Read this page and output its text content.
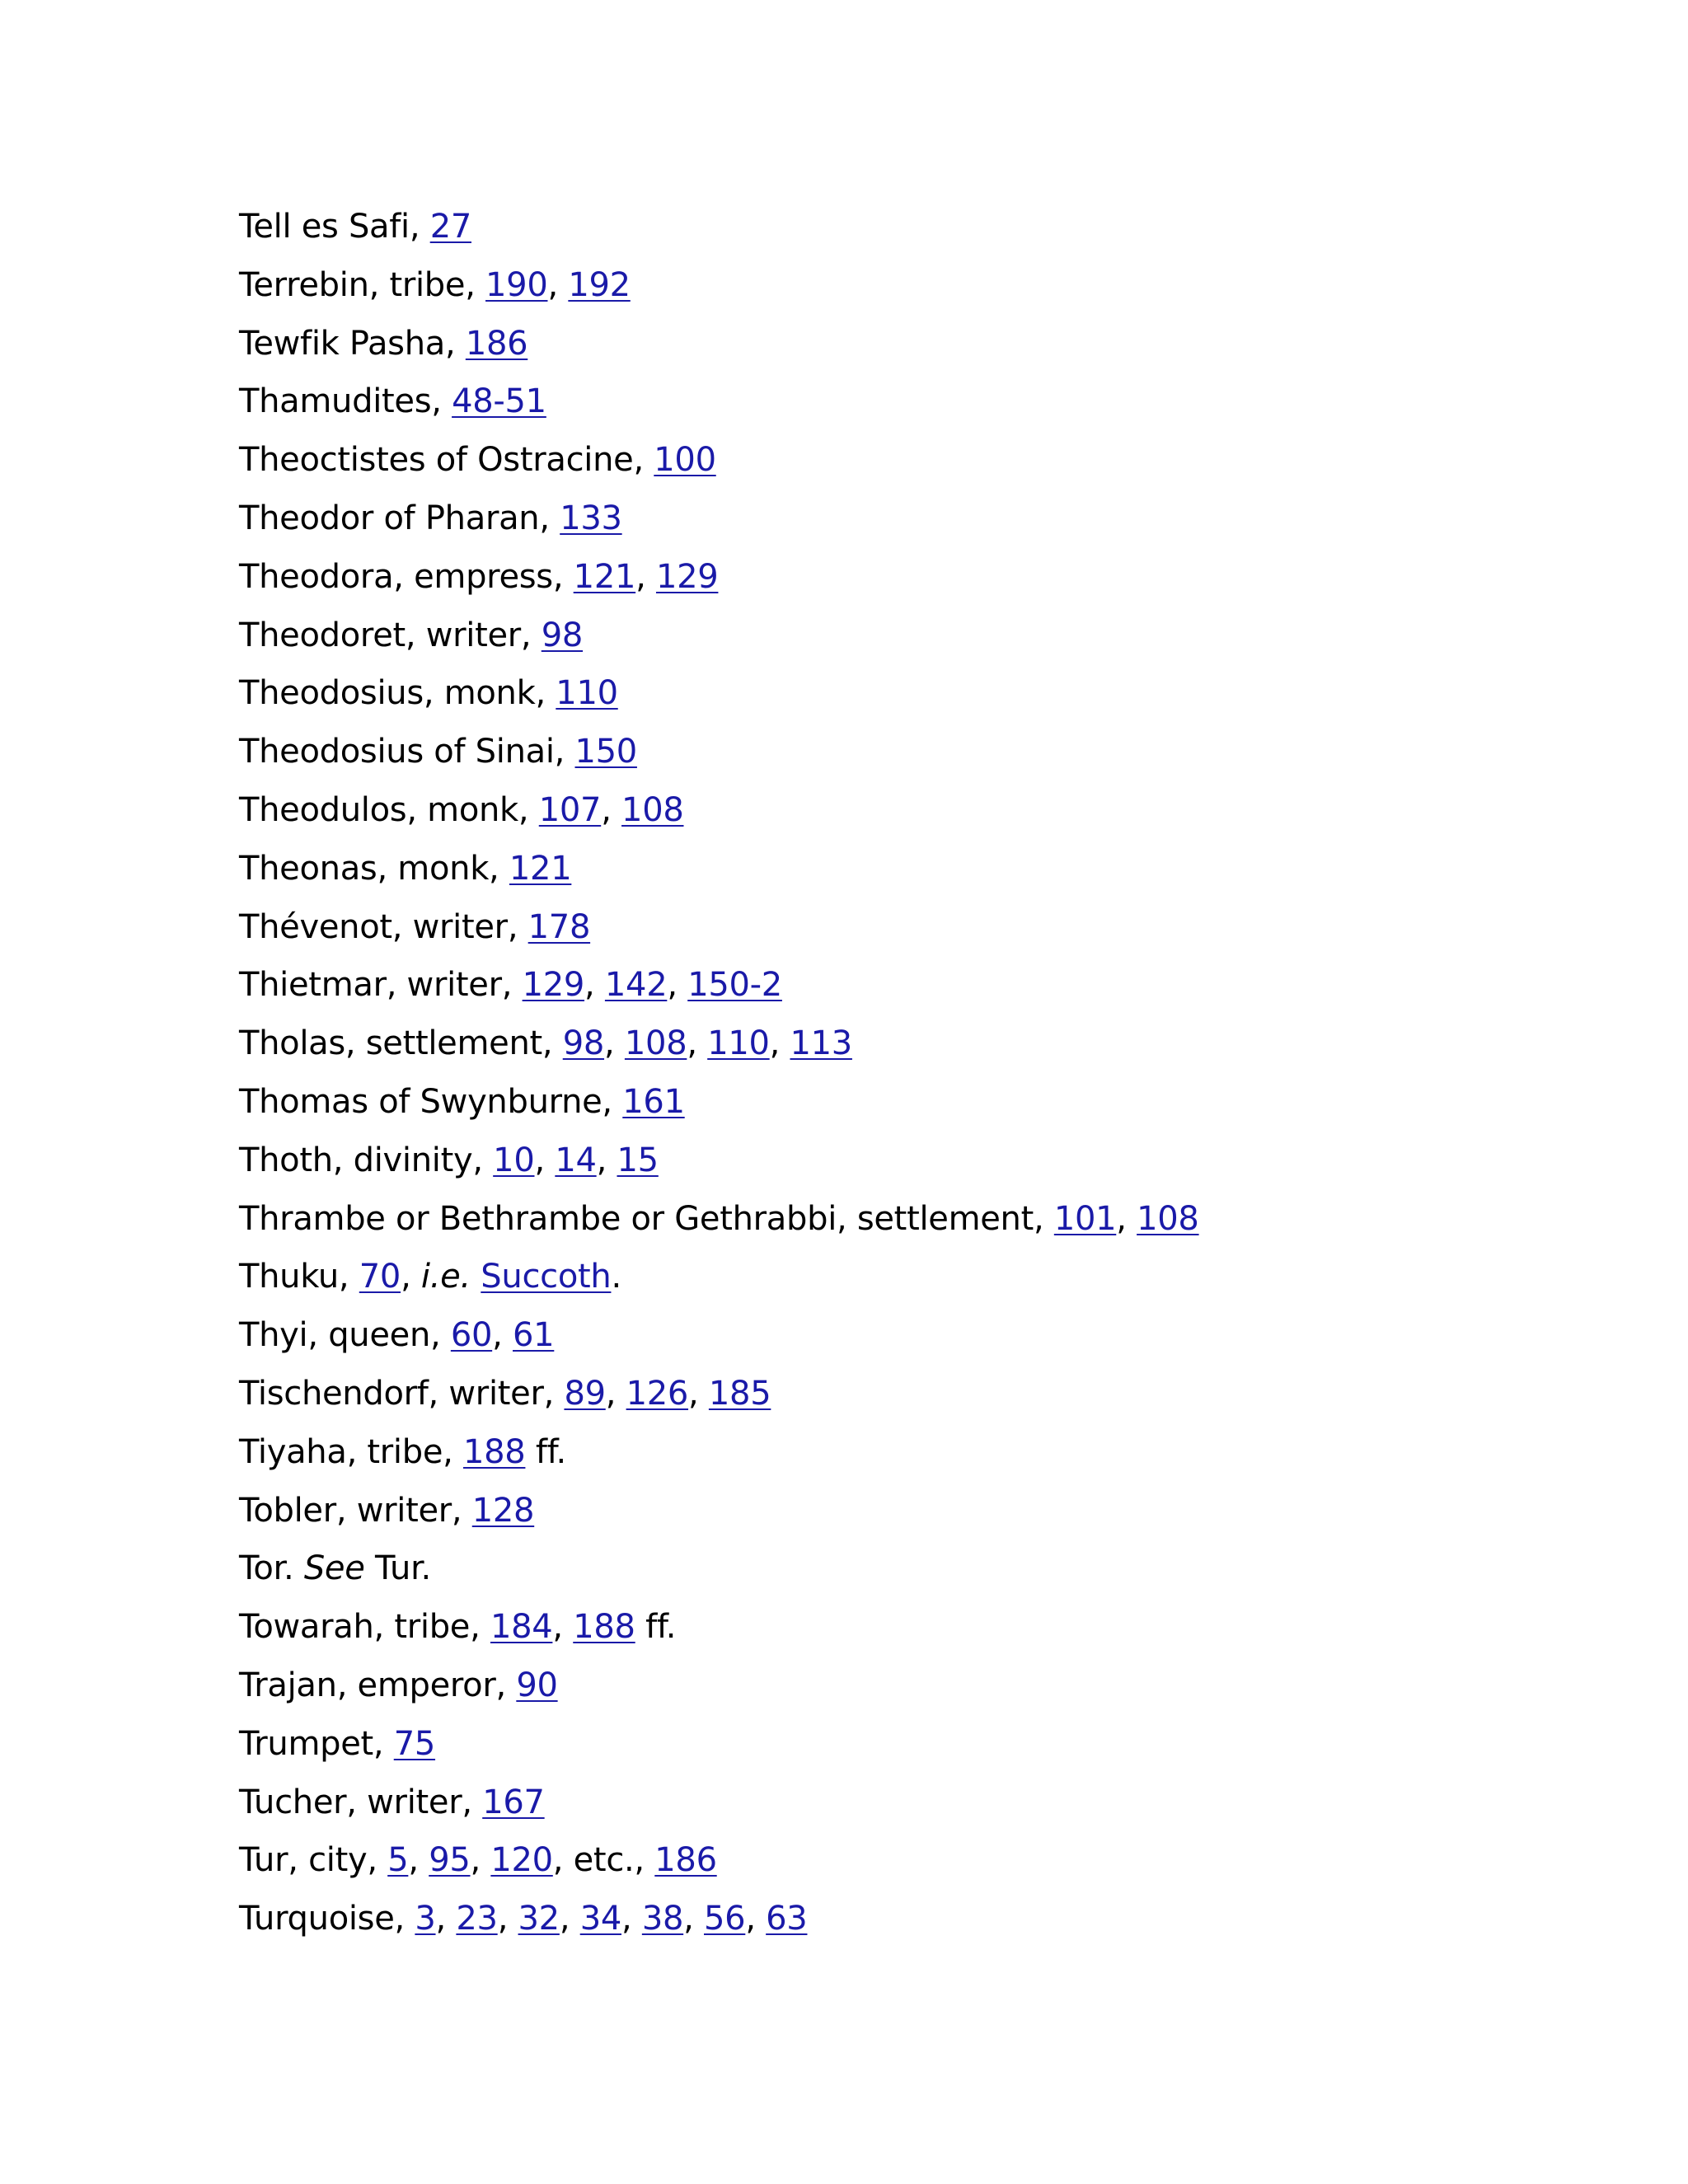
Tell es Safi, 27
Terrebin, tribe, 190, 192
Tewfik Pasha, 186
Thamudites, 48-51
Theoctistes of Ostracine, 100
Theodor of Pharan, 133
Theodora, empress, 121, 129
Theodoret, writer, 98
Theodosius, monk, 110
Theodosius of Sinai, 150
Theodulos, monk, 107, 108
Theonas, monk, 121
Thévenot, writer, 178
Thietmar, writer, 129, 142, 150-2
Tholas, settlement, 98, 108, 110, 113
Thomas of Swynburne, 161
Thoth, divinity, 10, 14, 15
Thrambe or Bethrambe or Gethrabbi, settlement, 101, 108
Thuku, 70, i.e. Succoth.
Thyi, queen, 60, 61
Tischendorf, writer, 89, 126, 185
Tiyaha, tribe, 188 ff.
Tobler, writer, 128
Tor. See Tur.
Towarah, tribe, 184, 188 ff.
Trajan, emperor, 90
Trumpet, 75
Tucher, writer, 167
Tur, city, 5, 95, 120, etc., 186
Turquoise, 3, 23, 32, 34, 38, 56, 63
